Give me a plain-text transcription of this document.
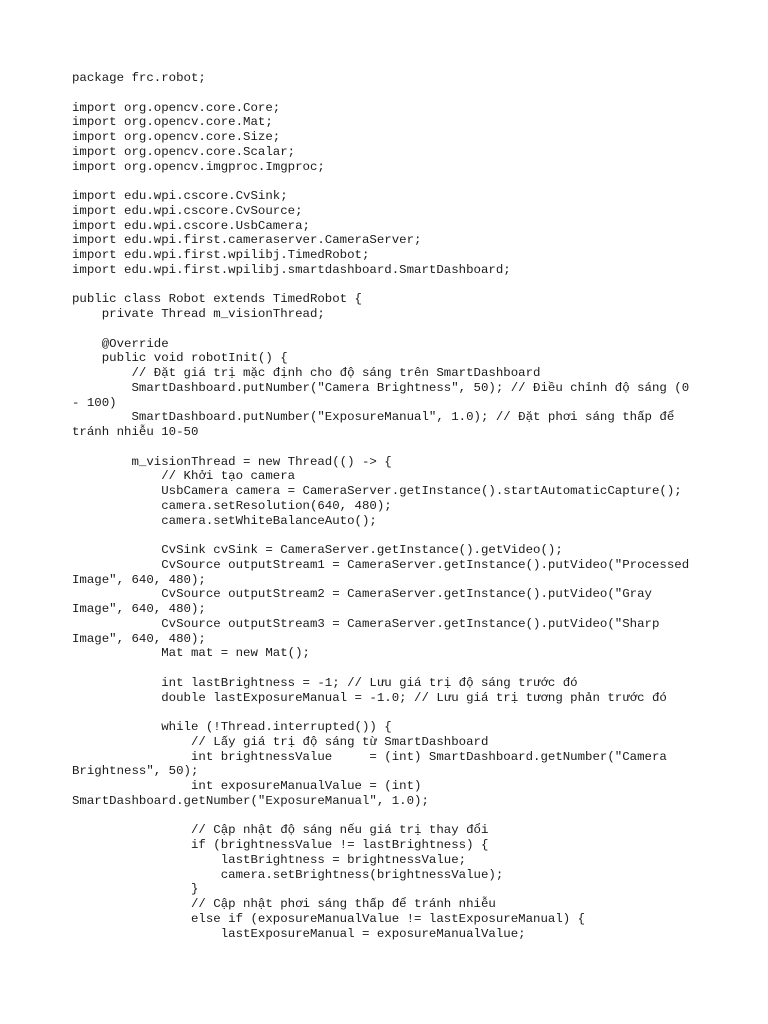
package frc.robot;

import org.opencv.core.Core;
import org.opencv.core.Mat;
import org.opencv.core.Size;
import org.opencv.core.Scalar;
import org.opencv.imgproc.Imgproc;

import edu.wpi.cscore.CvSink;
import edu.wpi.cscore.CvSource;
import edu.wpi.cscore.UsbCamera;
import edu.wpi.first.cameraserver.CameraServer;
import edu.wpi.first.wpilibj.TimedRobot;
import edu.wpi.first.wpilibj.smartdashboard.SmartDashboard;

public class Robot extends TimedRobot {
private Thread m_visionThread;

@Override
public void robotInit() {
// Đặt giá trị mặc định cho độ sáng trên SmartDashboard
SmartDashboard.putNumber("Camera Brightness", 50); // Điều chỉnh độ sáng (0
- 100)
SmartDashboard.putNumber("ExposureManual", 1.0); // Đặt phơi sáng thấp để
tránh nhiễu 10-50

m_visionThread = new Thread(() -> {
// Khởi tạo camera
UsbCamera camera = CameraServer.getInstance().startAutomaticCapture();
camera.setResolution(640, 480);
camera.setWhiteBalanceAuto();

CvSink cvSink = CameraServer.getInstance().getVideo();
CvSource outputStream1 = CameraServer.getInstance().putVideo("Processed
Image", 640, 480);
CvSource outputStream2 = CameraServer.getInstance().putVideo("Gray
Image", 640, 480);
CvSource outputStream3 = CameraServer.getInstance().putVideo("Sharp
Image", 640, 480);
Mat mat = new Mat();

int lastBrightness = -1; // Lưu giá trị độ sáng trước đó
double lastExposureManual = -1.0; // Lưu giá trị tương phản trước đó

while (!Thread.interrupted()) {
// Lấy giá trị độ sáng từ SmartDashboard
int brightnessValue     = (int) SmartDashboard.getNumber("Camera
Brightness", 50);
int exposureManualValue = (int)
SmartDashboard.getNumber("ExposureManual", 1.0);

// Cập nhật độ sáng nếu giá trị thay đổi
if (brightnessValue != lastBrightness) {
lastBrightness = brightnessValue;
camera.setBrightness(brightnessValue);
}
// Cập nhật phơi sáng thấp để tránh nhiễu
else if (exposureManualValue != lastExposureManual) {
lastExposureManual = exposureManualValue;
